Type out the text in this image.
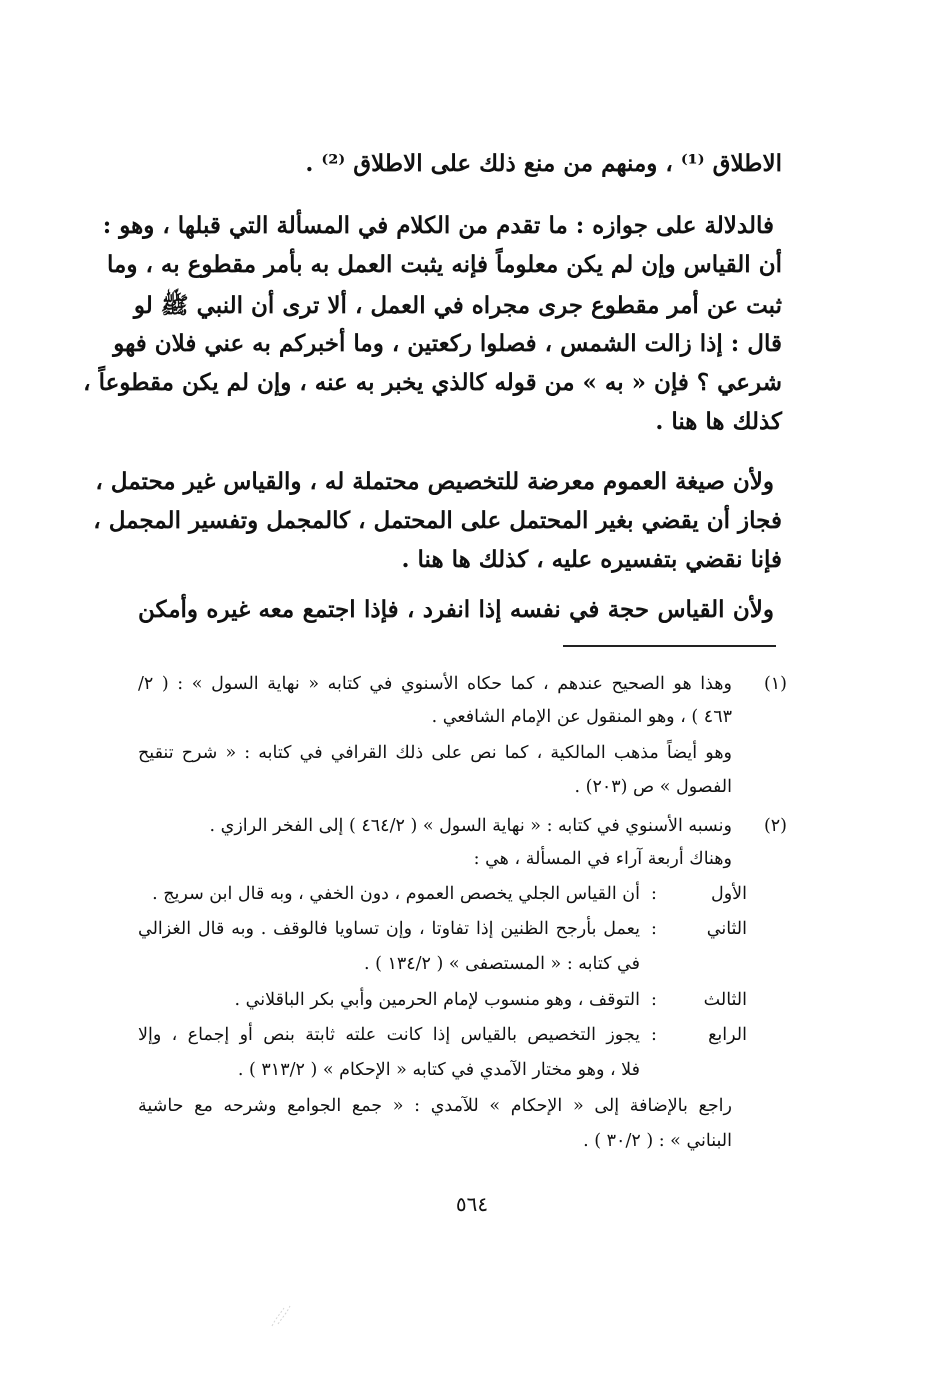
الاطلاق ⁽¹⁾ ، ومنهم من منع ذلك على الاطلاق ⁽²⁾ .
فالدلالة على جوازه : ما تقدم من الكلام في المسألة التي قبلها ، وهو :
أن القياس وإن لم يكن معلوماً فإنه يثبت العمل به بأمر مقطوع به ، وما
ثبت عن أمر مقطوع جرى مجراه في العمل ، ألا ترى أن النبي ﷺ لو
قال : إذا زالت الشمس ، فصلوا ركعتين ، وما أخبركم به عني فلان فهو
شرعي ؟ فإن « به » من قوله كالذي يخبر به عنه ، وإن لم يكن مقطوعاً ،
كذلك ها هنا .
ولأن صيغة العموم معرضة للتخصيص محتملة له ، والقياس غير محتمل ،
فجاز أن يقضي بغير المحتمل على المحتمل ، كالمجمل وتفسير المجمل ،
فإنا نقضي بتفسيره عليه ، كذلك ها هنا .
ولأن القياس حجة في نفسه إذا انفرد ، فإذا اجتمع معه غيره وأمكن
(١)
وهذا هو الصحيح عندهم ، كما حكاه الأسنوي في كتابه « نهاية السول » : ( ٢/
٤٦٣ ) ، وهو المنقول عن الإمام الشافعي .
وهو أيضاً مذهب المالكية ، كما نص على ذلك القرافي في كتابه : « شرح تنقيح
الفصول » ص (٢٠٣) .
(٢)
ونسبه الأسنوي في كتابه : « نهاية السول » ( ٤٦٤/٢ ) إلى الفخر الرازي .
وهناك أربعة آراء في المسألة ، هي :
الأول
:
أن القياس الجلي يخصص العموم ، دون الخفي ، وبه قال ابن سريج .
الثاني
:
يعمل بأرجح الظنين إذا تفاوتا ، وإن تساويا فالوقف . وبه قال الغزالي
في كتابه : « المستصفى » ( ١٣٤/٢ ) .
الثالث
:
التوقف ، وهو منسوب لإمام الحرمين وأبي بكر الباقلاني .
الرابع
:
يجوز التخصيص بالقياس إذا كانت علته ثابتة بنص أو إجماع ، وإلا
فلا ، وهو مختار الآمدي في كتابه « الإحكام » ( ٣١٣/٢ ) .
راجع بالإضافة إلى « الإحكام » للآمدي : « جمع الجوامع وشرحه مع حاشية
البناني » : ( ٣٠/٢ ) .
٥٦٤
